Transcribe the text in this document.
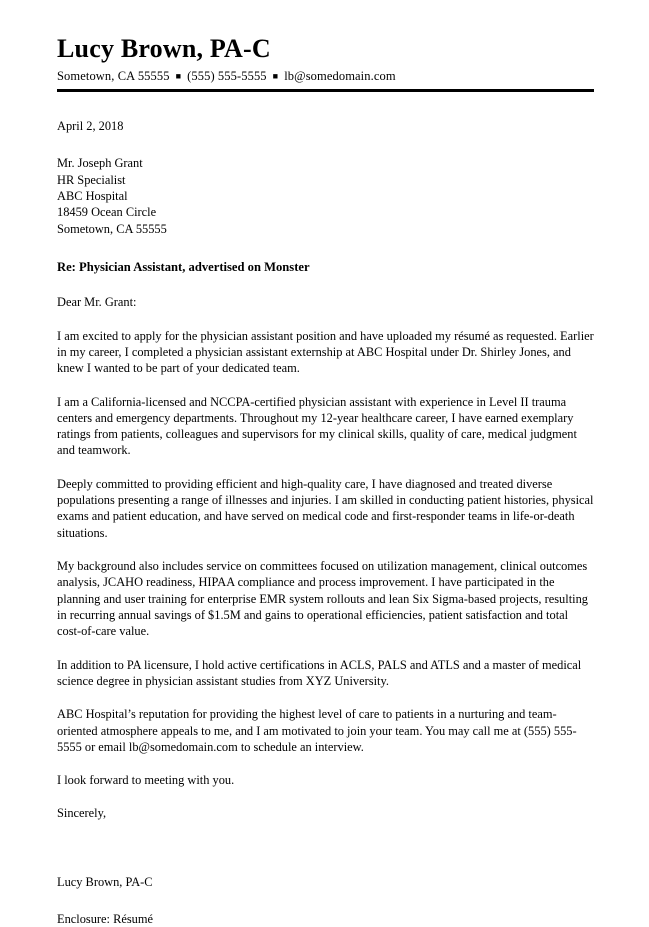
Lucy Brown, PA-C
Sometown, CA 55555 ■ (555) 555-5555 ■ lb@somedomain.com
April 2, 2018
Mr. Joseph Grant
HR Specialist
ABC Hospital
18459 Ocean Circle
Sometown, CA 55555
Re: Physician Assistant, advertised on Monster
Dear Mr. Grant:

I am excited to apply for the physician assistant position and have uploaded my résumé as requested. Earlier in my career, I completed a physician assistant externship at ABC Hospital under Dr. Shirley Jones, and knew I wanted to be part of your dedicated team.

I am a California-licensed and NCCPA-certified physician assistant with experience in Level II trauma centers and emergency departments. Throughout my 12-year healthcare career, I have earned exemplary ratings from patients, colleagues and supervisors for my clinical skills, quality of care, medical judgment and teamwork.

Deeply committed to providing efficient and high-quality care, I have diagnosed and treated diverse populations presenting a range of illnesses and injuries. I am skilled in conducting patient histories, physical exams and patient education, and have served on medical code and first-responder teams in life-or-death situations.

My background also includes service on committees focused on utilization management, clinical outcomes analysis, JCAHO readiness, HIPAA compliance and process improvement. I have participated in the planning and user training for enterprise EMR system rollouts and lean Six Sigma-based projects, resulting in recurring annual savings of $1.5M and gains to operational efficiencies, patient satisfaction and total cost-of-care value.

In addition to PA licensure, I hold active certifications in ACLS, PALS and ATLS and a master of medical science degree in physician assistant studies from XYZ University.

ABC Hospital’s reputation for providing the highest level of care to patients in a nurturing and team-oriented atmosphere appeals to me, and I am motivated to join your team. You may call me at (555) 555-5555 or email lb@somedomain.com to schedule an interview.

I look forward to meeting with you.
Sincerely,
Lucy Brown, PA-C
Enclosure: Résumé
